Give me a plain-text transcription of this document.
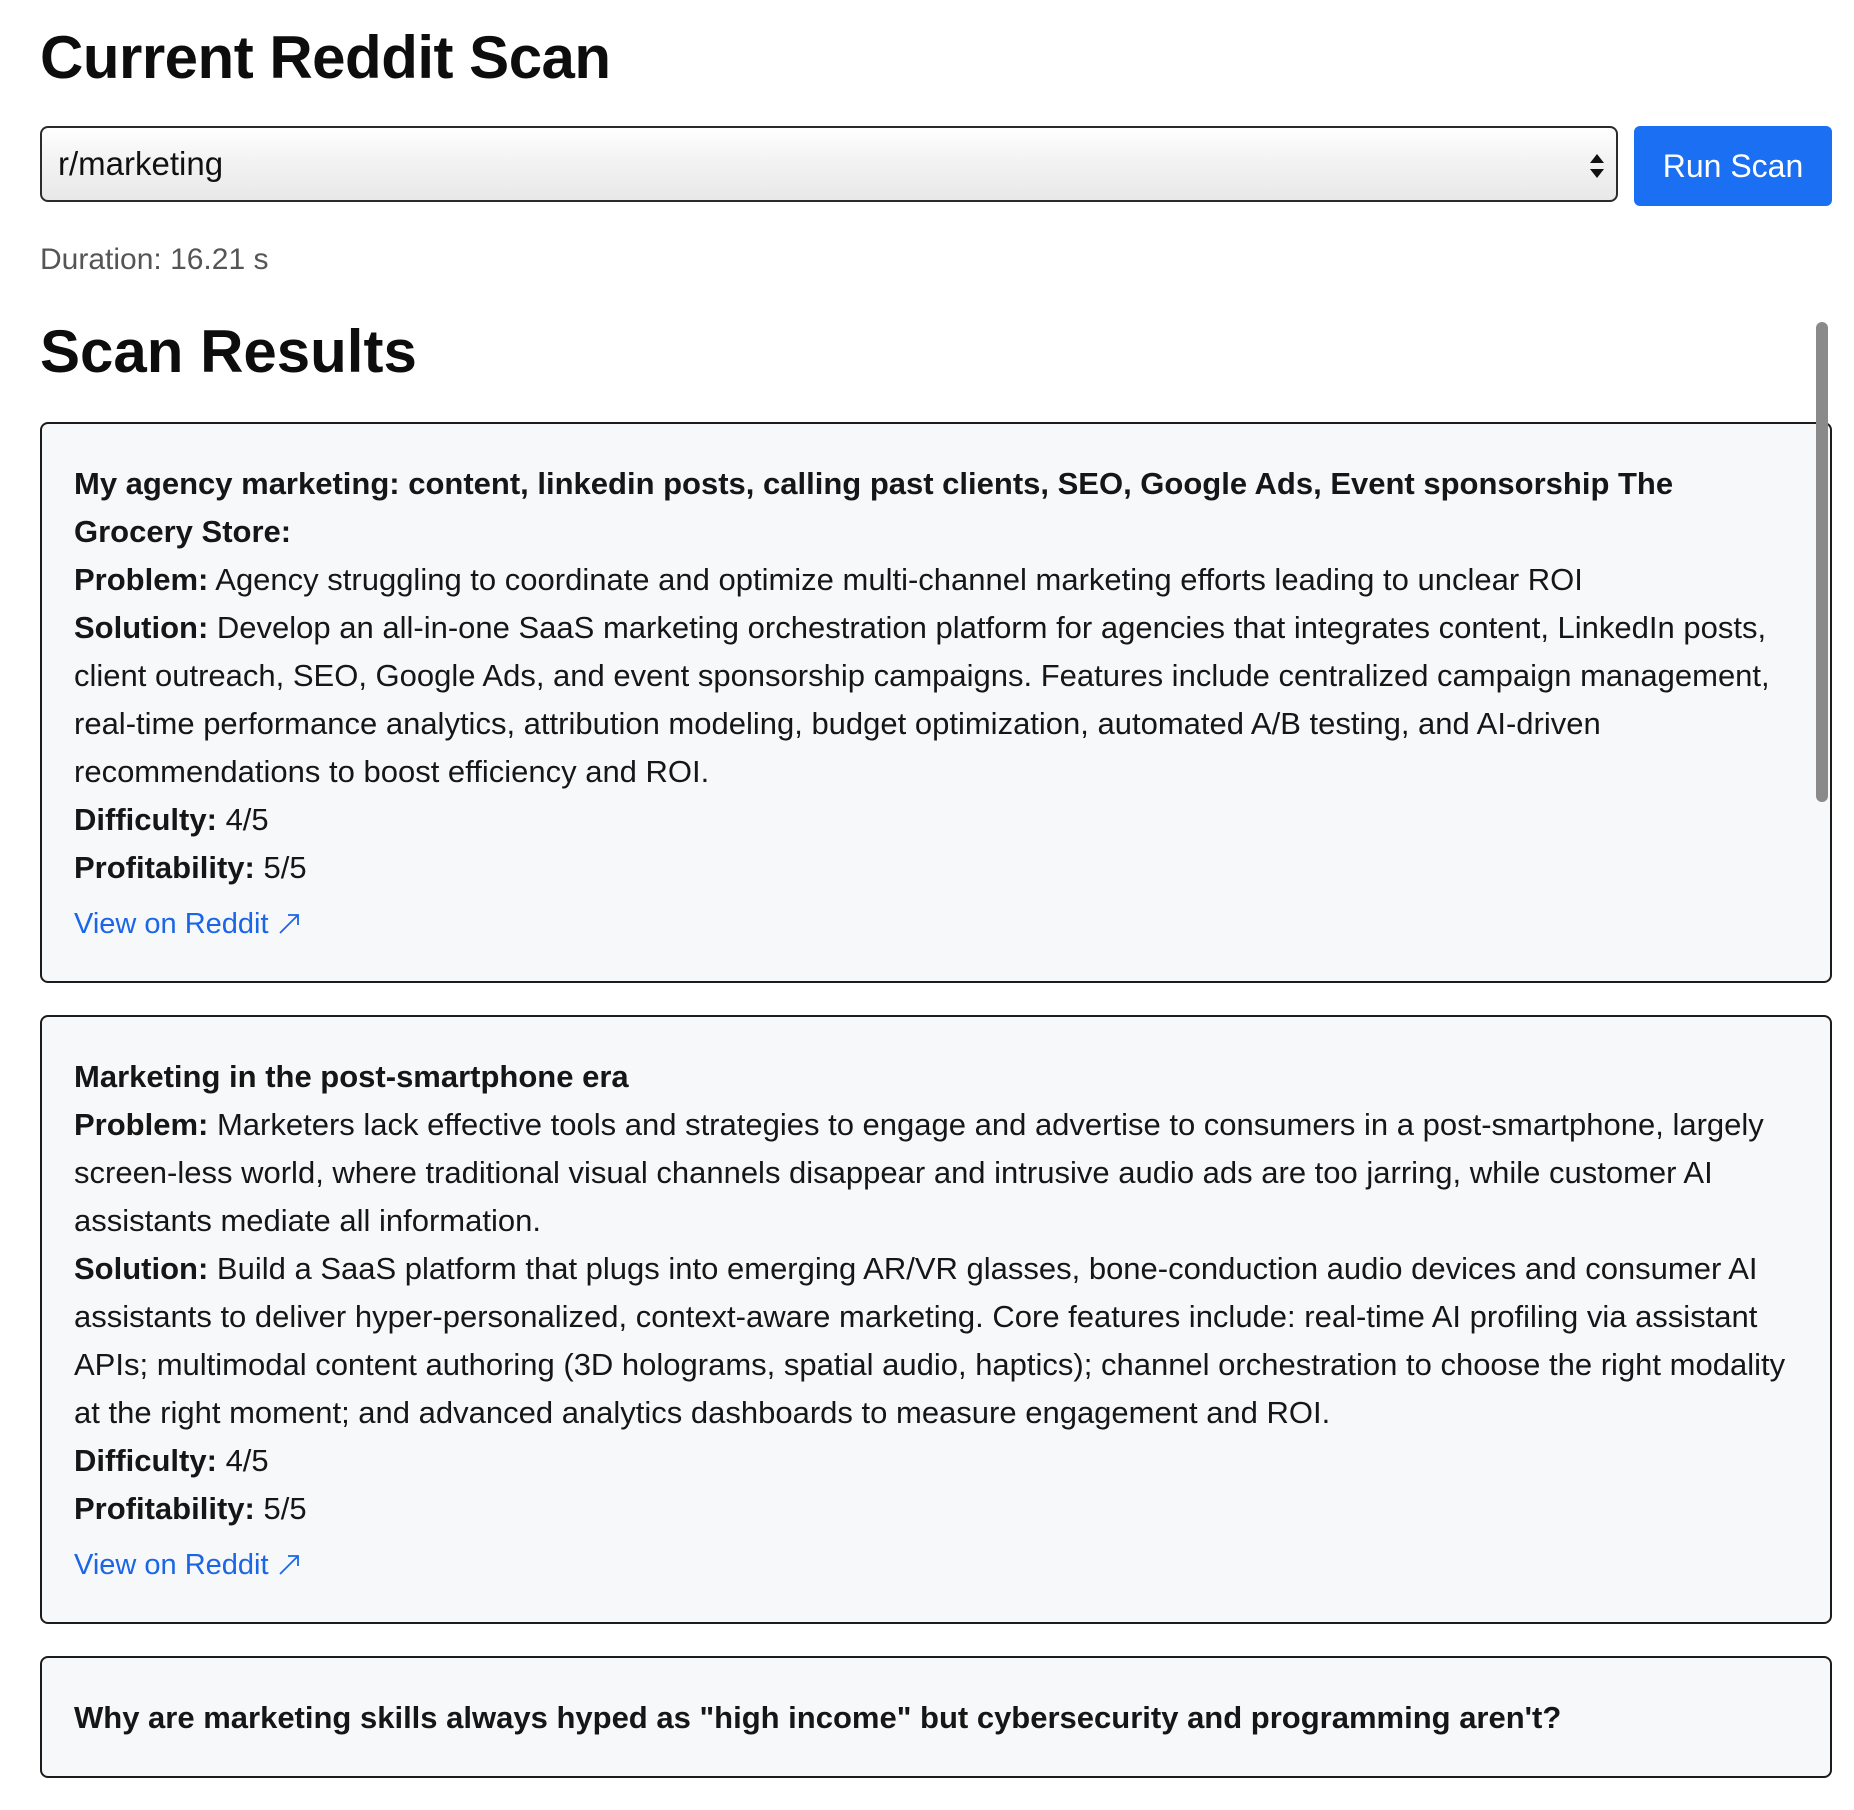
Current Reddit Scan
r/marketing	Run Scan
Duration: 16.21 s
Scan Results

My agency marketing: content, linkedin posts, calling past clients, SEO, Google Ads, Event sponsorship The Grocery Store:

Problem: Agency struggling to coordinate and optimize multi-channel marketing efforts leading to unclear ROI

Solution: Develop an all-in-one SaaS marketing orchestration platform for agencies that integrates content, LinkedIn posts, client outreach, SEO, Google Ads, and event sponsorship campaigns. Features include centralized campaign management, real-time performance analytics, attribution modeling, budget optimization, automated A/B testing, and AI-driven recommendations to boost efficiency and ROI.

Difficulty: 4/5

Profitability: 5/5

View on Reddit

Marketing in the post-smartphone era

Problem: Marketers lack effective tools and strategies to engage and advertise to consumers in a post-smartphone, largely screen-less world, where traditional visual channels disappear and intrusive audio ads are too jarring, while customer AI assistants mediate all information.

Solution: Build a SaaS platform that plugs into emerging AR/VR glasses, bone-conduction audio devices and consumer AI assistants to deliver hyper-personalized, context-aware marketing. Core features include: real-time AI profiling via assistant APIs; multimodal content authoring (3D holograms, spatial audio, haptics); channel orchestration to choose the right modality at the right moment; and advanced analytics dashboards to measure engagement and ROI.

Difficulty: 4/5

Profitability: 5/5

View on Reddit

Why are marketing skills always hyped as "high income" but cybersecurity and programming aren't?
